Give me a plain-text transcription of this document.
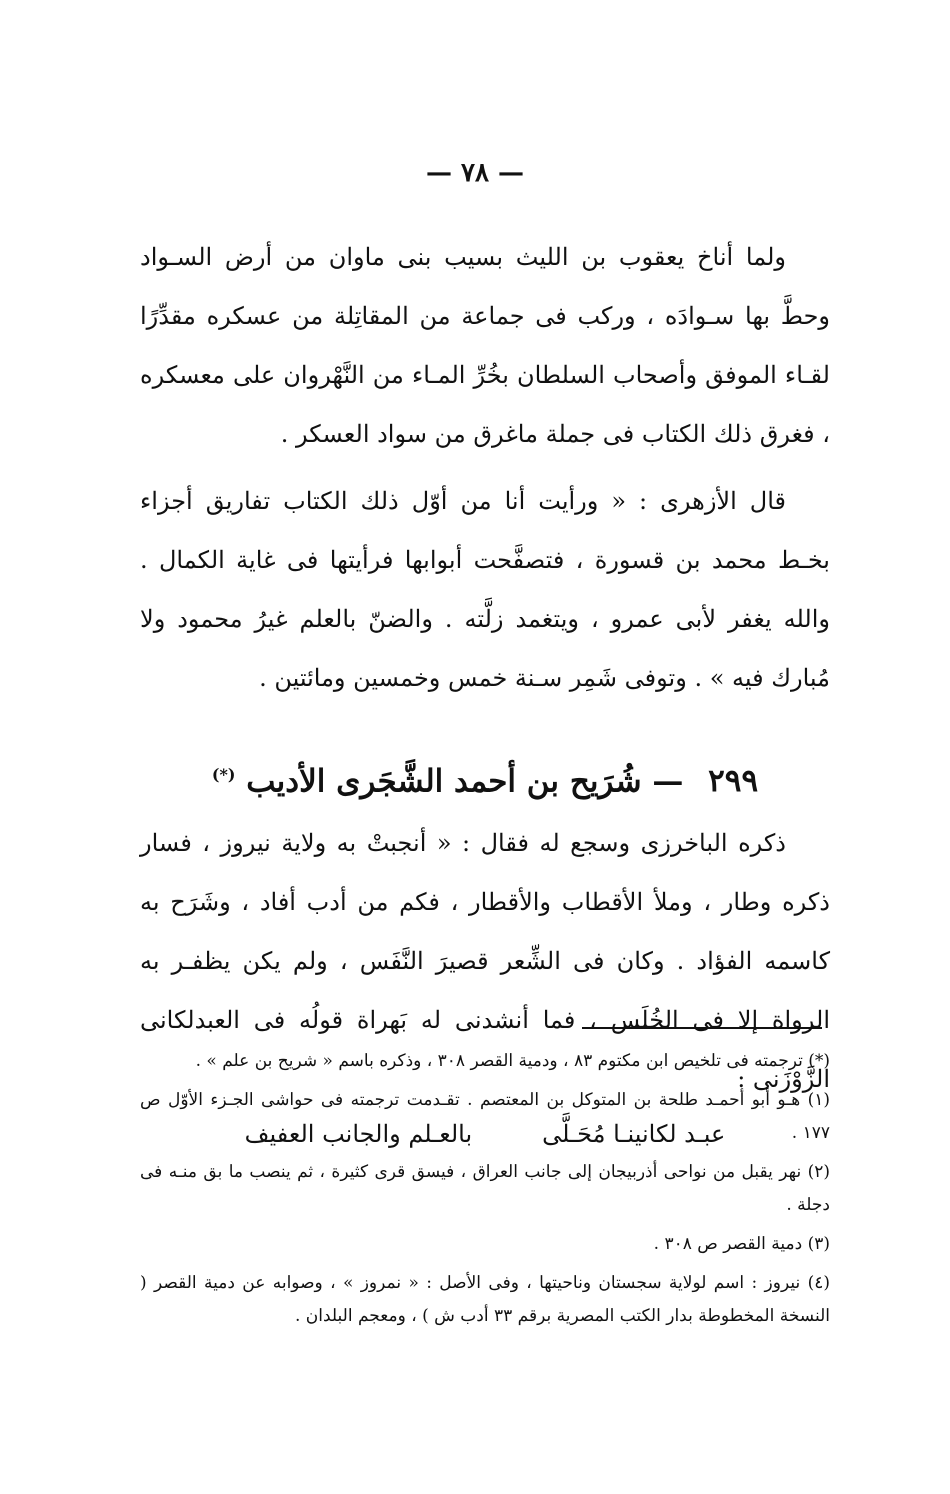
— ٧٨ —

ولما أناخ يعقوب بن الليث بسيب بنى ماوان من أرض السـواد وحطَّ بها سـوادَه ، وركب فى جماعة من المقاتِلة من عسكره مقدِّرًا لقـاء الموفق وأصحاب السلطان بخُرِّ المـاء من النَّهْروان على معسكره ، فغرق ذلك الكتاب فى جملة ماغرق من سواد العسكر .

قال الأزهرى : « ورأيت أنا من أوّل ذلك الكتاب تفاريق أجزاء بخـط محمد بن قسورة ، فتصفَّحت أبوابها فرأيتها فى غاية الكمال . والله يغفر لأبى عمرو ، ويتغمد زلَّته . والضنّ بالعلم غيرُ محمود ولا مُبارك فيه » . وتوفى شَمِر سـنة خمس وخمسين ومائتين .

٢٩٩ — شُرَيح بن أحمد الشَّجَرى الأديب (*)

ذكره الباخرزى وسجع له فقال : « أنجبتْ به ولاية نيروز ، فسار ذكره وطار ، وملأ الأقطاب والأقطار ، فكم من أدب أفاد ، وشَرَح به كاسمه الفؤاد . وكان فى الشِّعر قصيرَ النَّفَس ، ولم يكن يظفـر به الرواة إلا فى الخُلَس ، فما أنشدنى له بَهراة قولُه فى العبدلكانى الزَّوْزَنى :

عبـد لكانينـا مُحَـلَّى
بالعـلم والجانب العفيف

(*) ترجمته فى تلخيص ابن مكتوم ٨٣ ، ودمية القصر ٣٠٨ ، وذكره باسم « شريح بن علم » .

(١) هـو أبو أحمـد طلحة بن المتوكل بن المعتصم . تقـدمت ترجمته فى حواشى الجـزء الأوّل ص ١٧٧ .

(٢) نهر يقبل من نواحى أذربيجان إلى جانب العراق ، فيسق قرى كثيرة ، ثم ينصب ما بق منـه فى دجلة .

(٣) دمية القصر ص ٣٠٨ .

(٤) نيروز : اسم لولاية سجستان وناحيتها ، وفى الأصل : « نمروز » ، وصوابه عن دمية القصر ( النسخة المخطوطة بدار الكتب المصرية برقم ٣٣ أدب ش ) ، ومعجم البلدان .
